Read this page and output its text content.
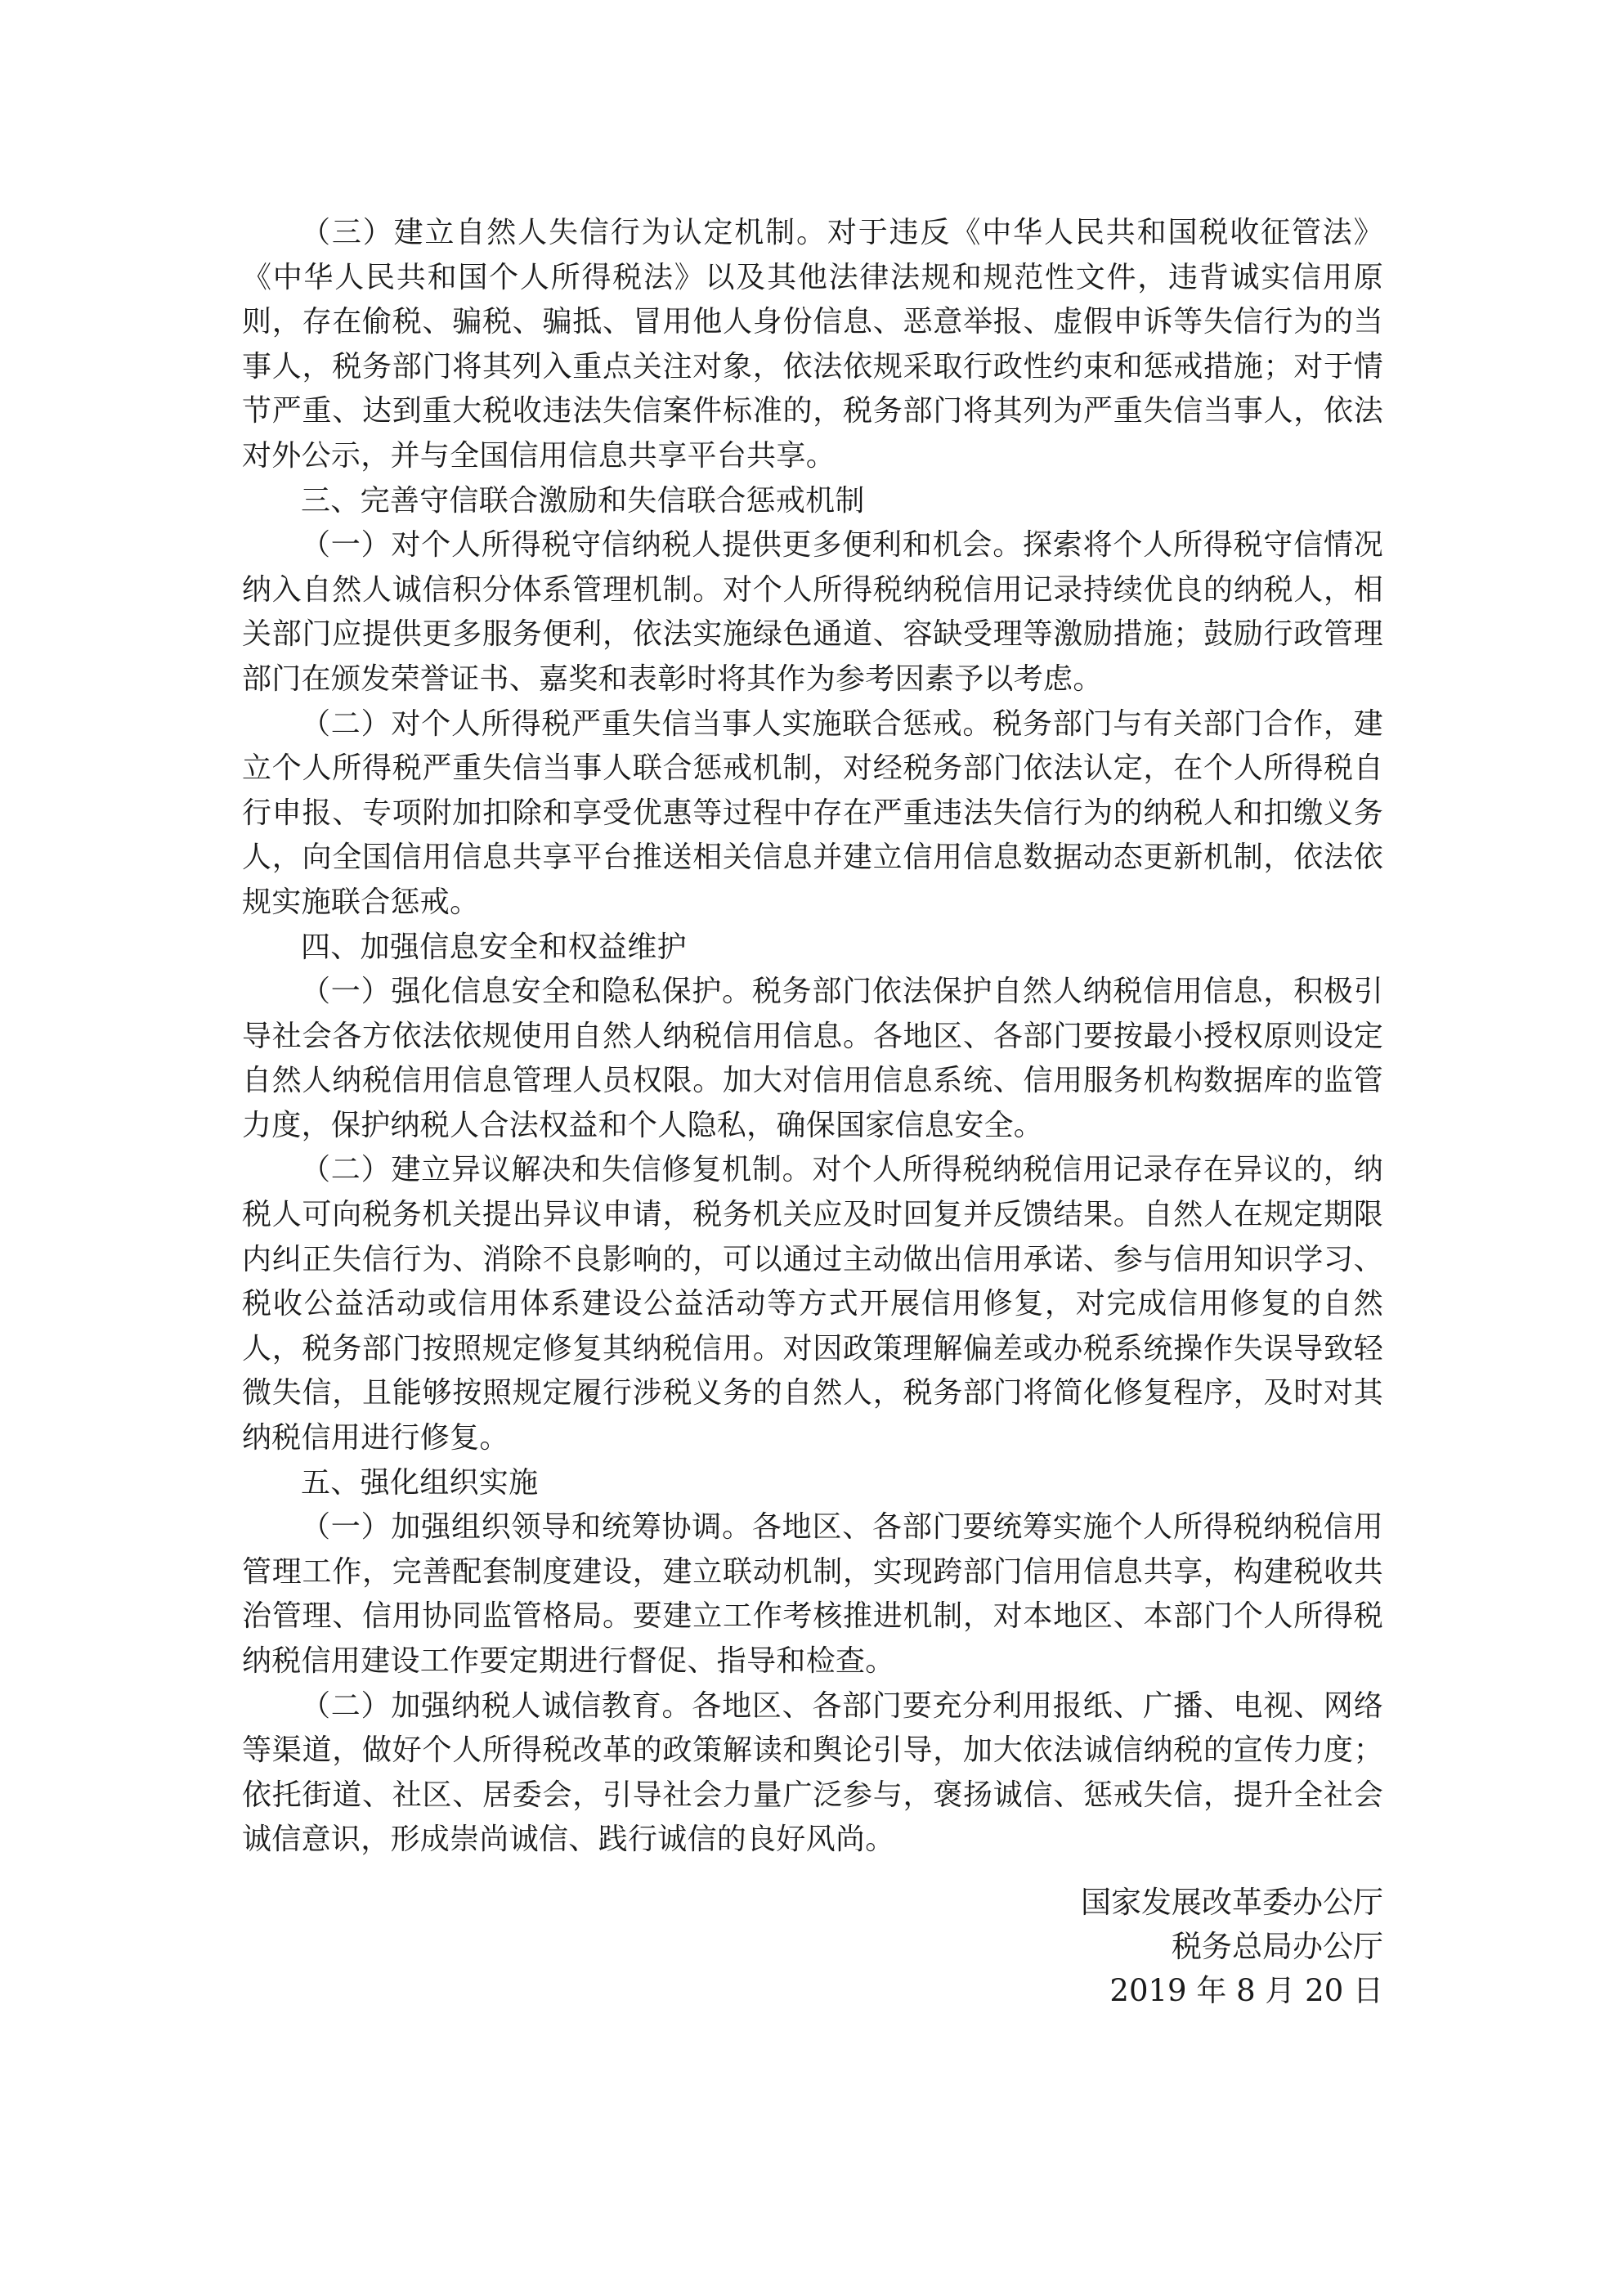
（三）建立自然人失信行为认定机制。对于违反《中华人民共和国税收征管法》《中华人民共和国个人所得税法》以及其他法律法规和规范性文件，违背诚实信用原则，存在偷税、骗税、骗抵、冒用他人身份信息、恶意举报、虚假申诉等失信行为的当事人，税务部门将其列入重点关注对象，依法依规采取行政性约束和惩戒措施；对于情节严重、达到重大税收违法失信案件标准的，税务部门将其列为严重失信当事人，依法对外公示，并与全国信用信息共享平台共享。

三、完善守信联合激励和失信联合惩戒机制

（一）对个人所得税守信纳税人提供更多便利和机会。探索将个人所得税守信情况纳入自然人诚信积分体系管理机制。对个人所得税纳税信用记录持续优良的纳税人，相关部门应提供更多服务便利，依法实施绿色通道、容缺受理等激励措施；鼓励行政管理部门在颁发荣誉证书、嘉奖和表彰时将其作为参考因素予以考虑。

（二）对个人所得税严重失信当事人实施联合惩戒。税务部门与有关部门合作，建立个人所得税严重失信当事人联合惩戒机制，对经税务部门依法认定，在个人所得税自行申报、专项附加扣除和享受优惠等过程中存在严重违法失信行为的纳税人和扣缴义务人，向全国信用信息共享平台推送相关信息并建立信用信息数据动态更新机制，依法依规实施联合惩戒。

四、加强信息安全和权益维护

（一）强化信息安全和隐私保护。税务部门依法保护自然人纳税信用信息，积极引导社会各方依法依规使用自然人纳税信用信息。各地区、各部门要按最小授权原则设定自然人纳税信用信息管理人员权限。加大对信用信息系统、信用服务机构数据库的监管力度，保护纳税人合法权益和个人隐私，确保国家信息安全。

（二）建立异议解决和失信修复机制。对个人所得税纳税信用记录存在异议的，纳税人可向税务机关提出异议申请，税务机关应及时回复并反馈结果。自然人在规定期限内纠正失信行为、消除不良影响的，可以通过主动做出信用承诺、参与信用知识学习、税收公益活动或信用体系建设公益活动等方式开展信用修复，对完成信用修复的自然人，税务部门按照规定修复其纳税信用。对因政策理解偏差或办税系统操作失误导致轻微失信，且能够按照规定履行涉税义务的自然人，税务部门将简化修复程序，及时对其纳税信用进行修复。

五、强化组织实施

（一）加强组织领导和统筹协调。各地区、各部门要统筹实施个人所得税纳税信用管理工作，完善配套制度建设，建立联动机制，实现跨部门信用信息共享，构建税收共治管理、信用协同监管格局。要建立工作考核推进机制，对本地区、本部门个人所得税纳税信用建设工作要定期进行督促、指导和检查。

（二）加强纳税人诚信教育。各地区、各部门要充分利用报纸、广播、电视、网络等渠道，做好个人所得税改革的政策解读和舆论引导，加大依法诚信纳税的宣传力度；依托街道、社区、居委会，引导社会力量广泛参与，褒扬诚信、惩戒失信，提升全社会诚信意识，形成崇尚诚信、践行诚信的良好风尚。

国家发展改革委办公厅
税务总局办公厅
2019 年 8 月 20 日
